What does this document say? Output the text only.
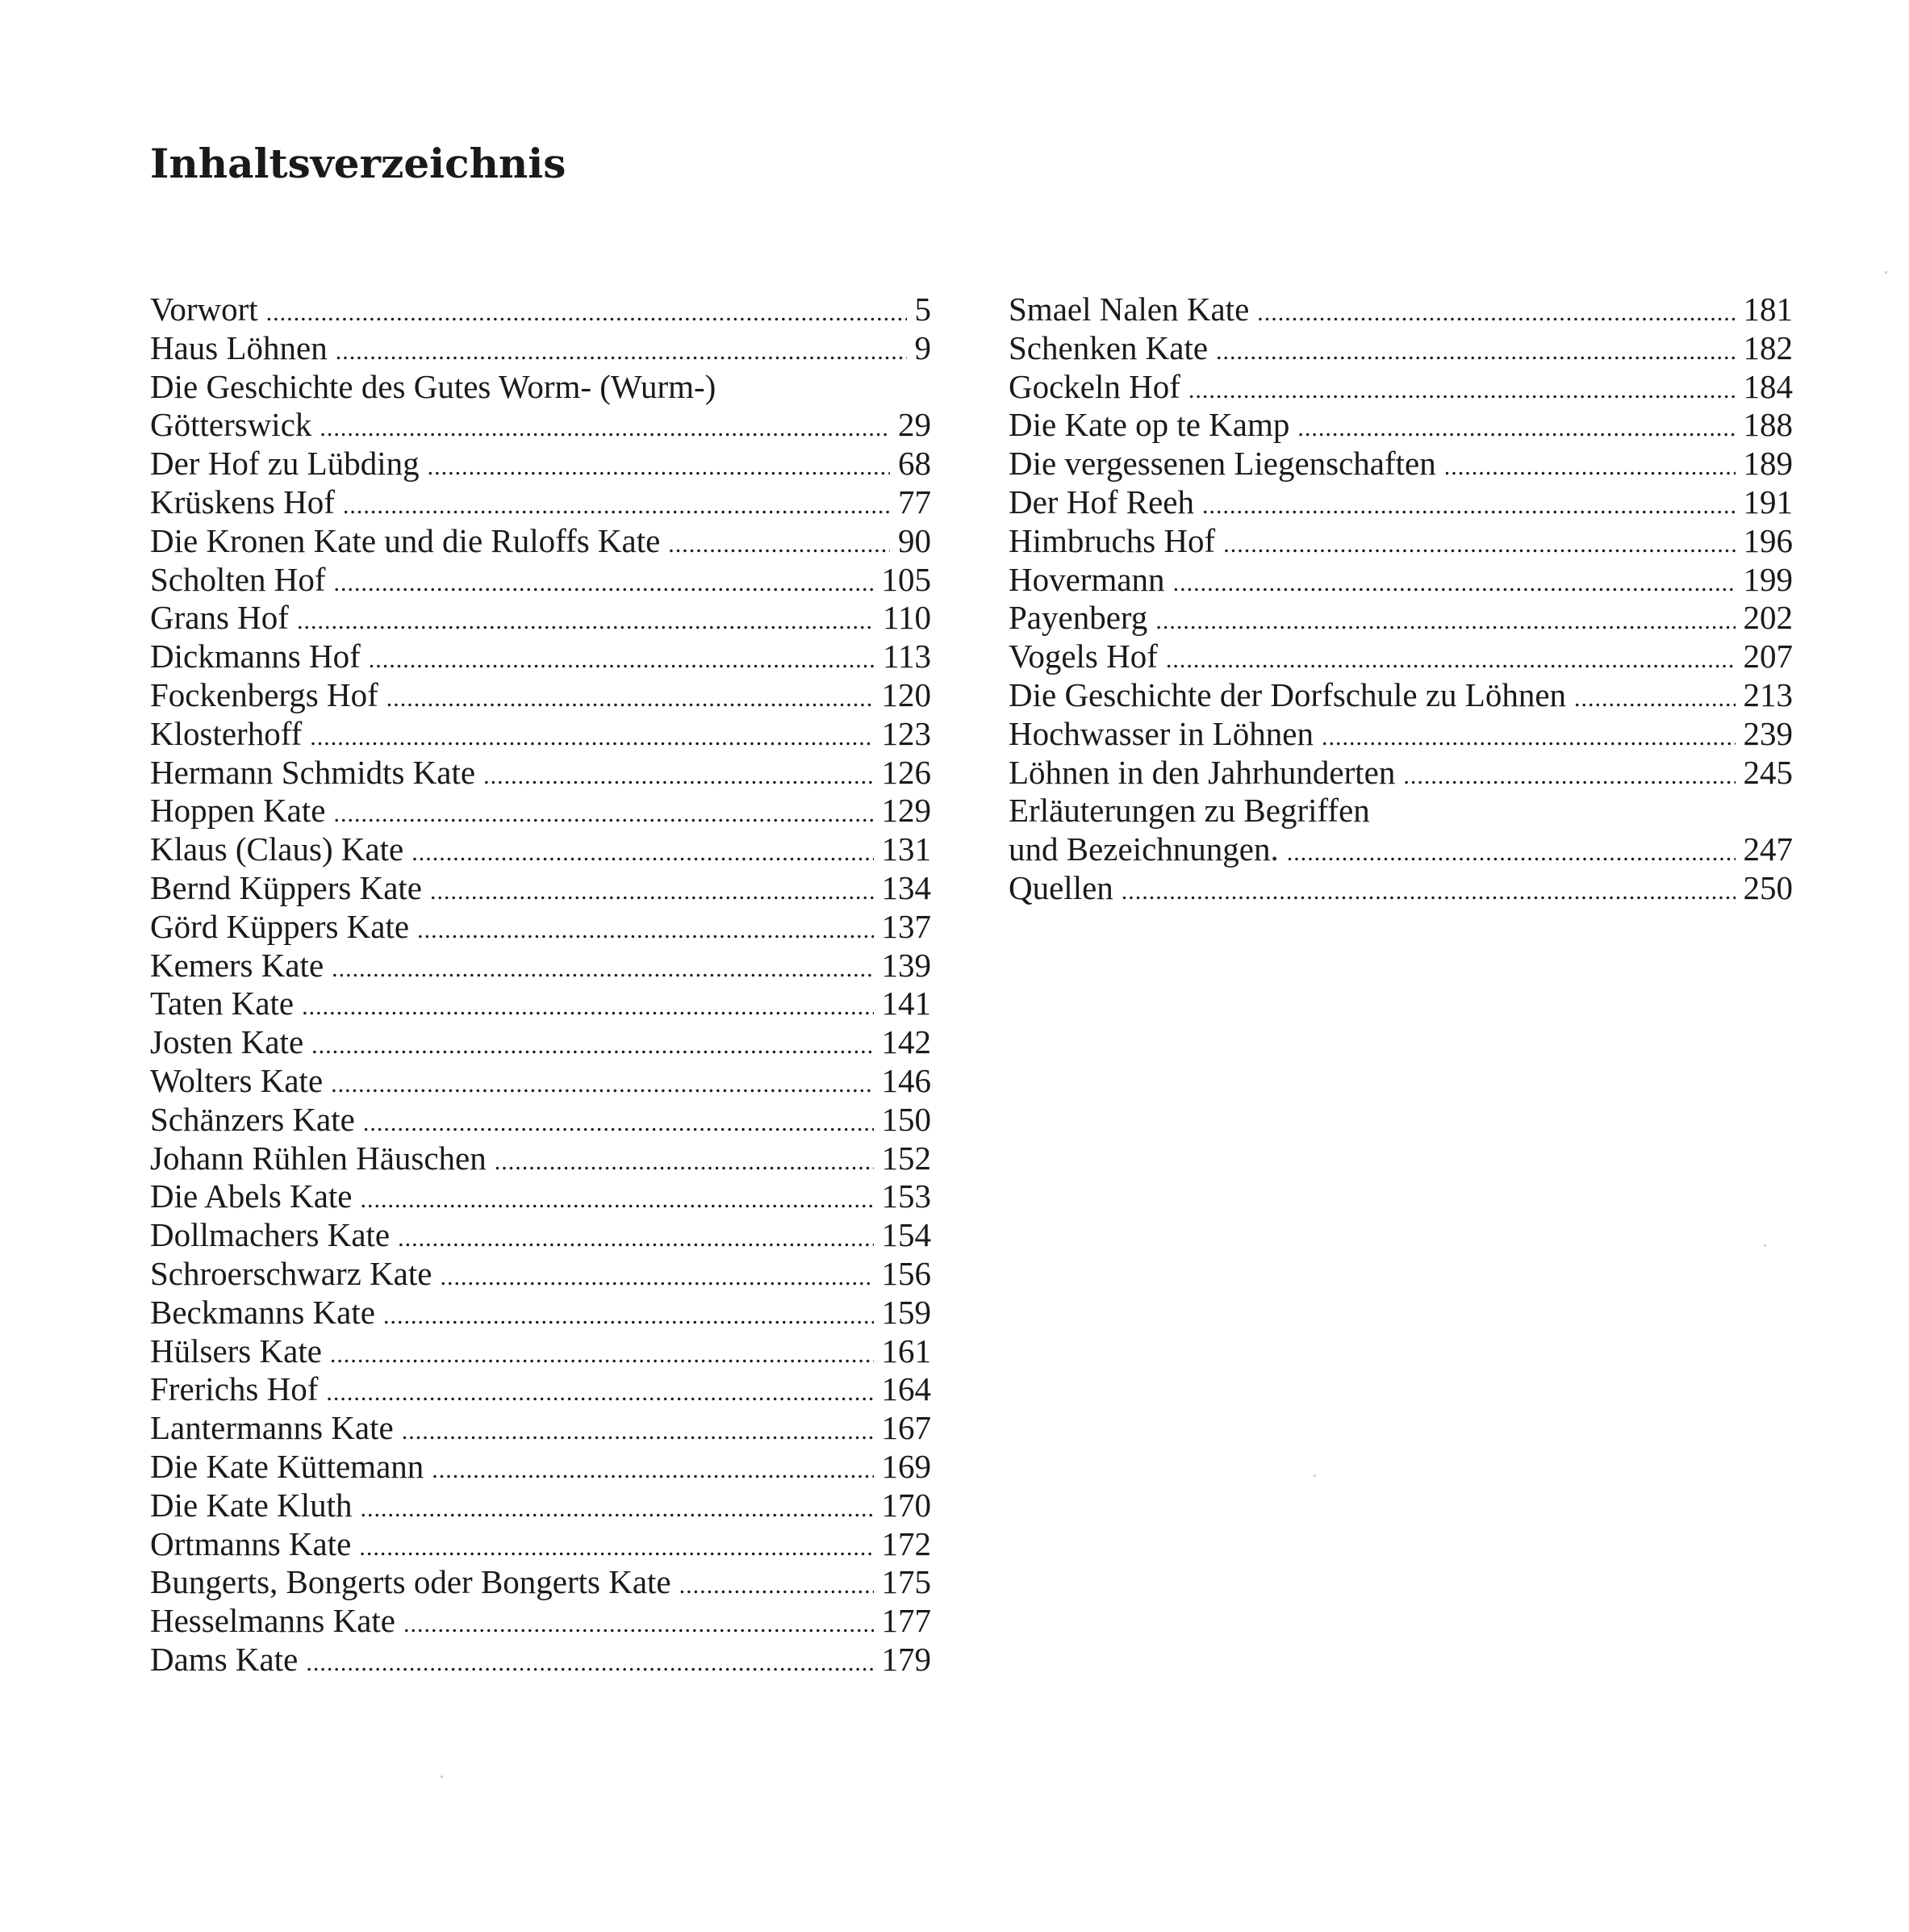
Inhaltsverzeichnis
Vorwort .....	5
Haus Löhnen .....	9
Die Geschichte des Gutes Worm- (Wurm-)
Götterswick .....	29
Der Hof zu Lübding .....	68
Krüskens Hof .....	77
Die Kronen Kate und die Ruloffs Kate .....	90
Scholten Hof .....	105
Grans Hof .....	110
Dickmanns Hof .....	113
Fockenbergs Hof .....	120
Klosterhoff .....	123
Hermann Schmidts Kate .....	126
Hoppen Kate .....	129
Klaus (Claus) Kate .....	131
Bernd Küppers Kate .....	134
Görd Küppers Kate .....	137
Kemers Kate .....	139
Taten Kate .....	141
Josten Kate .....	142
Wolters Kate .....	146
Schänzers Kate .....	150
Johann Rühlen Häuschen .....	152
Die Abels Kate .....	153
Dollmachers Kate .....	154
Schroerschwarz Kate .....	156
Beckmanns Kate .....	159
Hülsers Kate .....	161
Frerichs Hof .....	164
Lantermanns Kate .....	167
Die Kate Küttemann .....	169
Die Kate Kluth .....	170
Ortmanns Kate .....	172
Bungerts, Bongerts oder Bongerts Kate .....	175
Hesselmanns Kate .....	177
Dams Kate .....	179
Smael Nalen Kate .....	181
Schenken Kate .....	182
Gockeln Hof .....	184
Die Kate op te Kamp .....	188
Die vergessenen Liegenschaften .....	189
Der Hof Reeh .....	191
Himbruchs Hof .....	196
Hovermann .....	199
Payenberg .....	202
Vogels Hof .....	207
Die Geschichte der Dorfschule zu Löhnen .....	213
Hochwasser in Löhnen .....	239
Löhnen in den Jahrhunderten .....	245
Erläuterungen zu Begriffen
und Bezeichnungen. .....	247
Quellen .....	250
